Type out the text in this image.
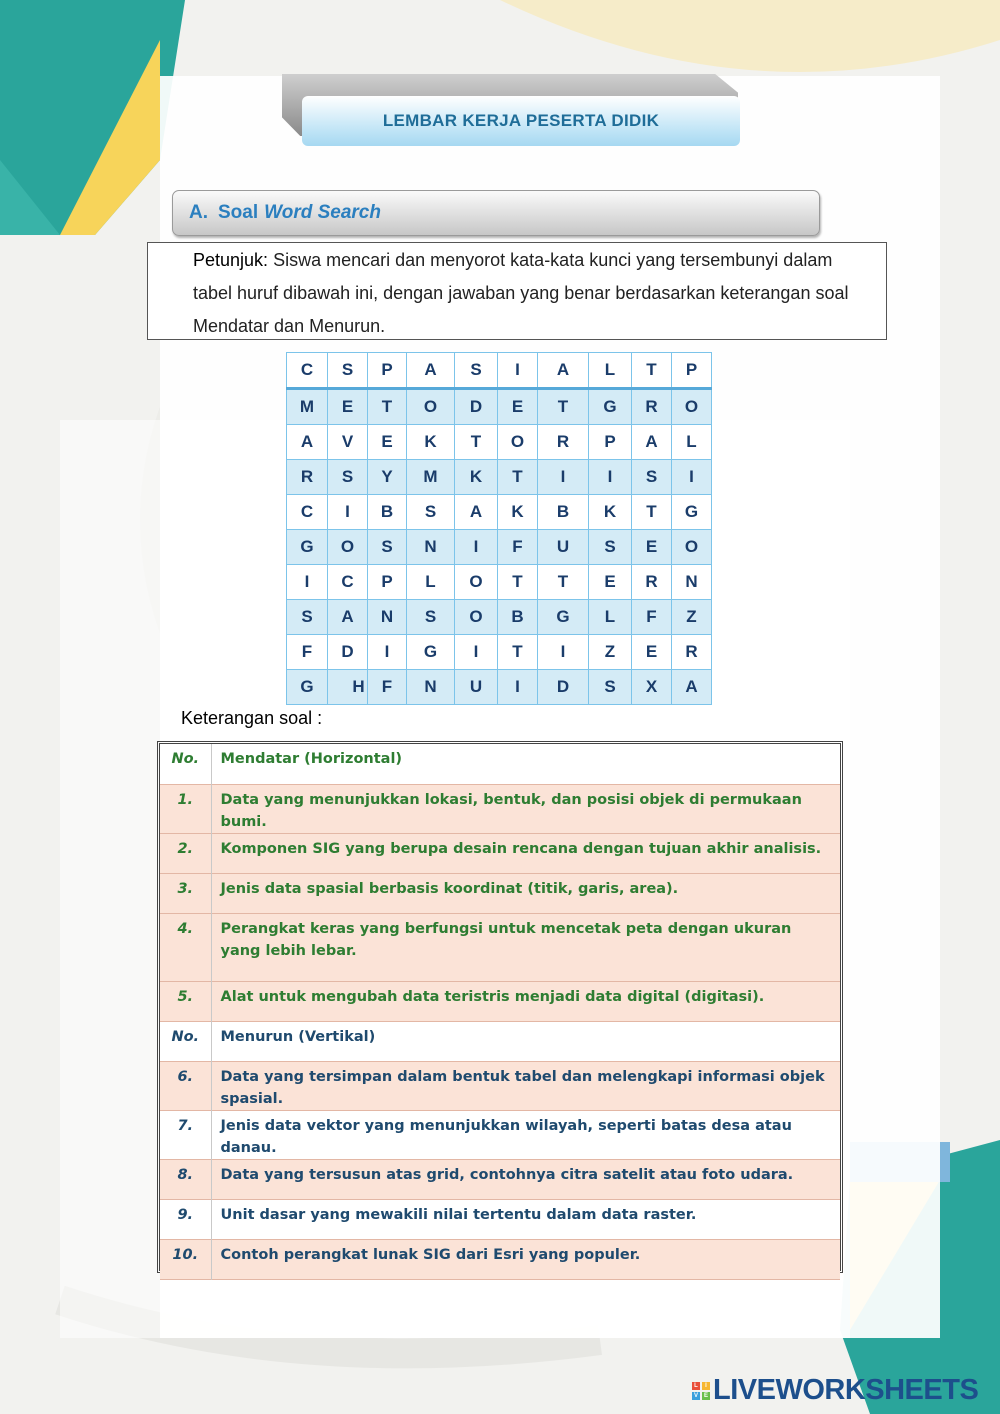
LEMBAR KERJA PESERTA DIDIK
A. Soal Word Search
Petunjuk: Siswa mencari dan menyorot kata-kata kunci yang tersembunyi dalam tabel huruf dibawah ini, dengan jawaban yang benar berdasarkan keterangan soal Mendatar dan Menurun.
C	S	P	A	S	I	A	L	T	P
M	E	T	O	D	E	T	G	R	O
A	V	E	K	T	O	R	P	A	L
R	S	Y	M	K	T	I	I	S	I
C	I	B	S	A	K	B	K	T	G
G	O	S	N	I	F	U	S	E	O
I	C	P	L	O	T	T	E	R	N
S	A	N	S	O	B	G	L	F	Z
F	D	I	G	I	T	I	Z	E	R
G	H	F	N	U	I	D	S	X	A
Keterangan soal :
No.	Mendatar (Horizontal)
1.	Data yang menunjukkan lokasi, bentuk, dan posisi objek di permukaan bumi.
2.	Komponen SIG yang berupa desain rencana dengan tujuan akhir analisis.
3.	Jenis data spasial berbasis koordinat (titik, garis, area).
4.	Perangkat keras yang berfungsi untuk mencetak peta dengan ukuran yang lebih lebar.
5.	Alat untuk mengubah data teristris menjadi data digital (digitasi).
No.	Menurun (Vertikal)
6.	Data yang tersimpan dalam bentuk tabel dan melengkapi informasi objek spasial.
7.	Jenis data vektor yang menunjukkan wilayah, seperti batas desa atau danau.
8.	Data yang tersusun atas grid, contohnya citra satelit atau foto udara.
9.	Unit dasar yang mewakili nilai tertentu dalam data raster.
10.	Contoh perangkat lunak SIG dari Esri yang populer.
L	I
V E LIVEWORKSHEETS
